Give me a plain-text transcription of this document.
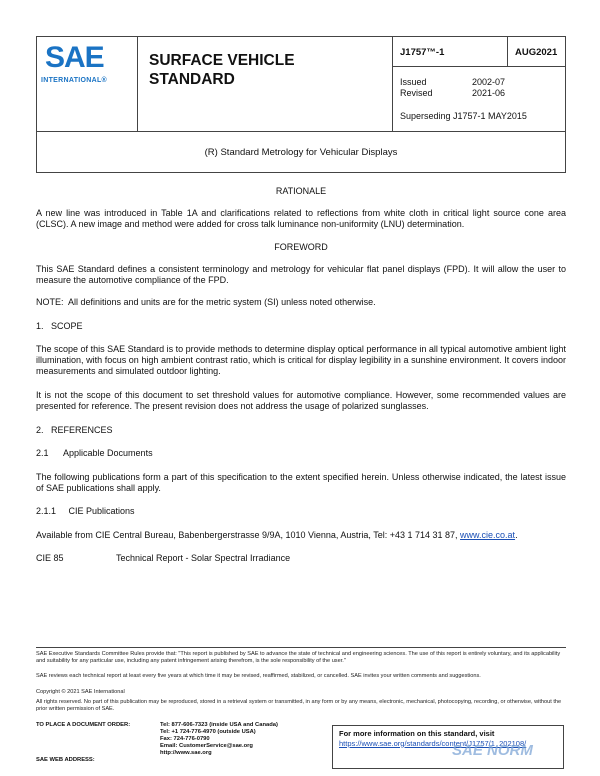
SAE
INTERNATIONAL®
SURFACE VEHICLE
STANDARD
J1757™-1	AUG2021
Issued	2002-07
Revised	2021-06
Superseding J1757-1 MAY2015
(R) Standard Metrology for Vehicular Displays
RATIONALE
A new line was introduced in Table 1A and clarifications related to reflections from white cloth in critical light source cone area (CLSC). A new image and method were added for cross talk luminance non-uniformity (LNU) determination.
FOREWORD
This SAE Standard defines a consistent terminology and metrology for vehicular flat panel displays (FPD). It will allow the user to measure the automotive compliance of the FPD.
NOTE:  All definitions and units are for the metric system (SI) unless noted otherwise.
1.   SCOPE
The scope of this SAE Standard is to provide methods to determine display optical performance in all typical automotive ambient light illumination, with focus on high ambient contrast ratio, which is critical for display legibility in a sunshine environment. It covers indoor measurements and simulated outdoor lighting.
It is not the scope of this document to set threshold values for automotive compliance. However, some recommended values are presented for reference. The present revision does not address the usage of polarized sunglasses.
2.   REFERENCES
2.1      Applicable Documents
The following publications form a part of this specification to the extent specified herein. Unless otherwise indicated, the latest issue of SAE publications shall apply.
2.1.1     CIE Publications
Available from CIE Central Bureau, Babenbergerstrasse 9/9A, 1010 Vienna, Austria, Tel: +43 1 714 31 87, www.cie.co.at.
CIE 85	Technical Report - Solar Spectral Irradiance
SAE Executive Standards Committee Rules provide that: "This report is published by SAE to advance the state of technical and engineering sciences. The use of this report is entirely voluntary, and its applicability and suitability for any particular use, including any patent infringement arising therefrom, is the sole responsibility of the user."
SAE reviews each technical report at least every five years at which time it may be revised, reaffirmed, stabilized, or cancelled. SAE invites your written comments and suggestions.
Copyright © 2021 SAE International
All rights reserved. No part of this publication may be reproduced, stored in a retrieval system or transmitted, in any form or by any means, electronic, mechanical, photocopying, recording, or otherwise, without the prior written permission of SAE.
TO PLACE A DOCUMENT ORDER:	Tel: 877-606-7323 (inside USA and Canada)
Tel: +1 724-776-4970 (outside USA)
Fax: 724-776-0790
Email: CustomerService@sae.org
http://www.sae.org
SAE WEB ADDRESS:
For more information on this standard, visit
https://www.sae.org/standards/content/J1757/1_202108/
SAE NORM
